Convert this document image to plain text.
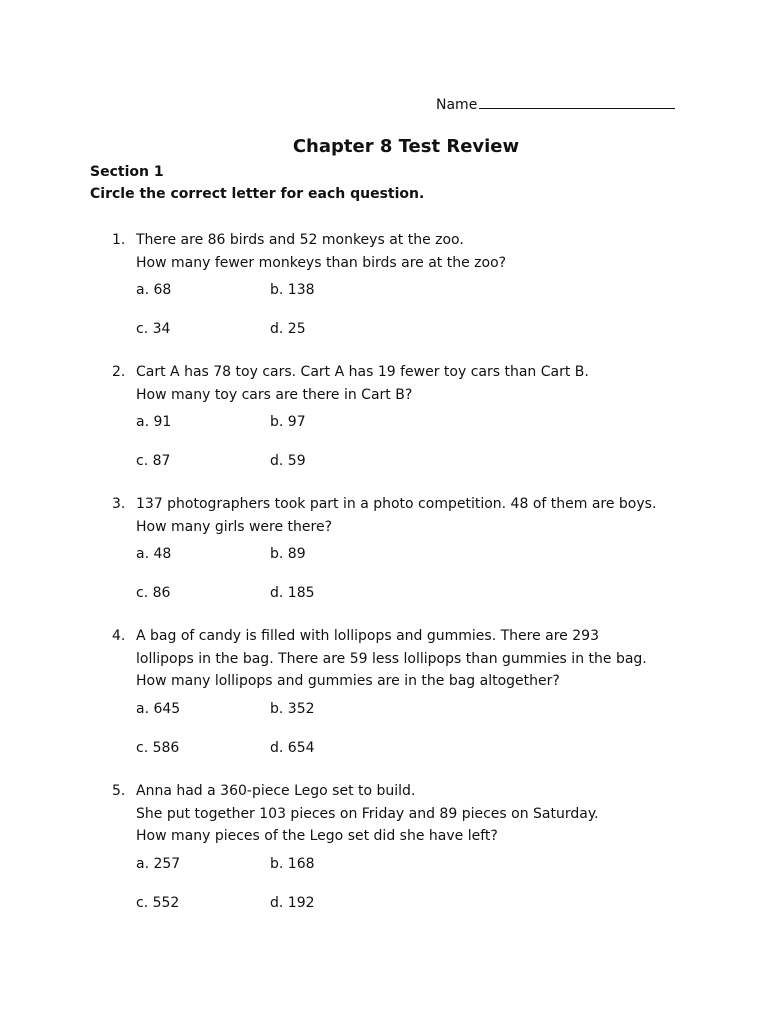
Name
Chapter 8 Test Review
Section 1
Circle the correct letter for each question.
1. There are 86 birds and 52 monkeys at the zoo.
How many fewer monkeys than birds are at the zoo?
a. 68	b. 138
c. 34	d. 25
2. Cart A has 78 toy cars. Cart A has 19 fewer toy cars than Cart B.
How many toy cars are there in Cart B?
a. 91	b. 97
c. 87	d. 59
3. 137 photographers took part in a photo competition. 48 of them are boys.
How many girls were there?
a. 48	b. 89
c. 86	d. 185
4. A bag of candy is filled with lollipops and gummies. There are 293
lollipops in the bag. There are 59 less lollipops than gummies in the bag.
How many lollipops and gummies are in the bag altogether?
a. 645	b. 352
c. 586	d. 654
5. Anna had a 360-piece Lego set to build.
She put together 103 pieces on Friday and 89 pieces on Saturday.
How many pieces of the Lego set did she have left?
a. 257	b. 168
c. 552	d. 192
